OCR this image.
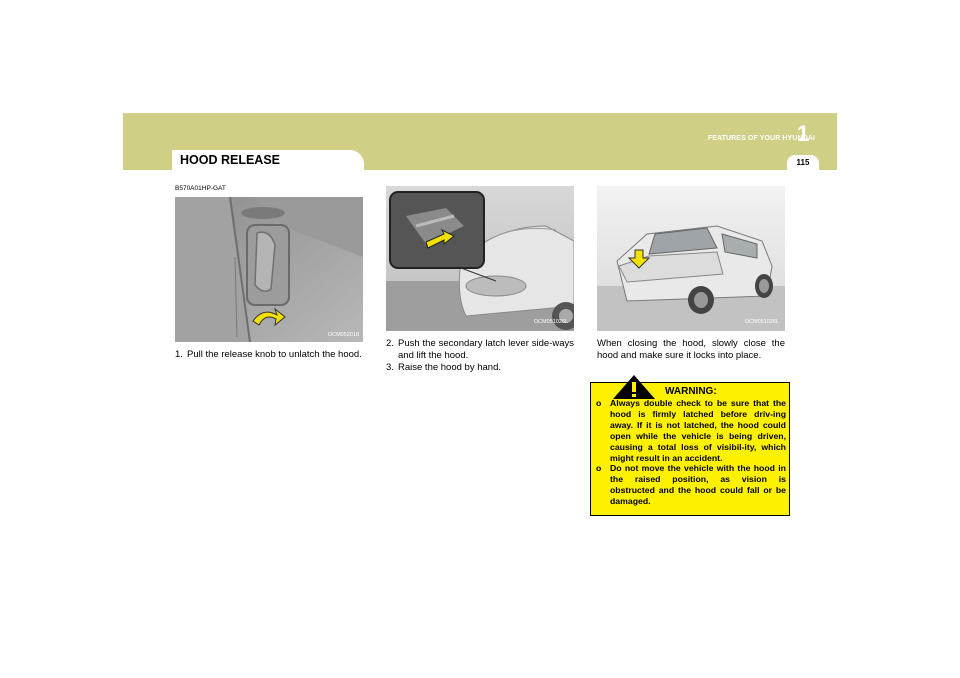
FEATURES OF YOUR HYUNDAI
1
115
HOOD RELEASE
B570A01HP-GAT
OCM052018
OCM051026L	OCM051026L
1. Pull the release knob to unlatch the hood.
2. Push the secondary latch lever side-ways and lift the hood.
3. Raise the hood by hand.
When closing the hood, slowly close the hood and make sure it locks into place.
WARNING:
o Always double check to be sure that the hood is firmly latched before driv-ing away. If it is not latched, the hood could open while the vehicle is being driven, causing a total loss of visibil-ity, which might result in an accident.
o Do not move the vehicle with the hood in the raised position, as vision is obstructed and the hood could fall or be damaged.
